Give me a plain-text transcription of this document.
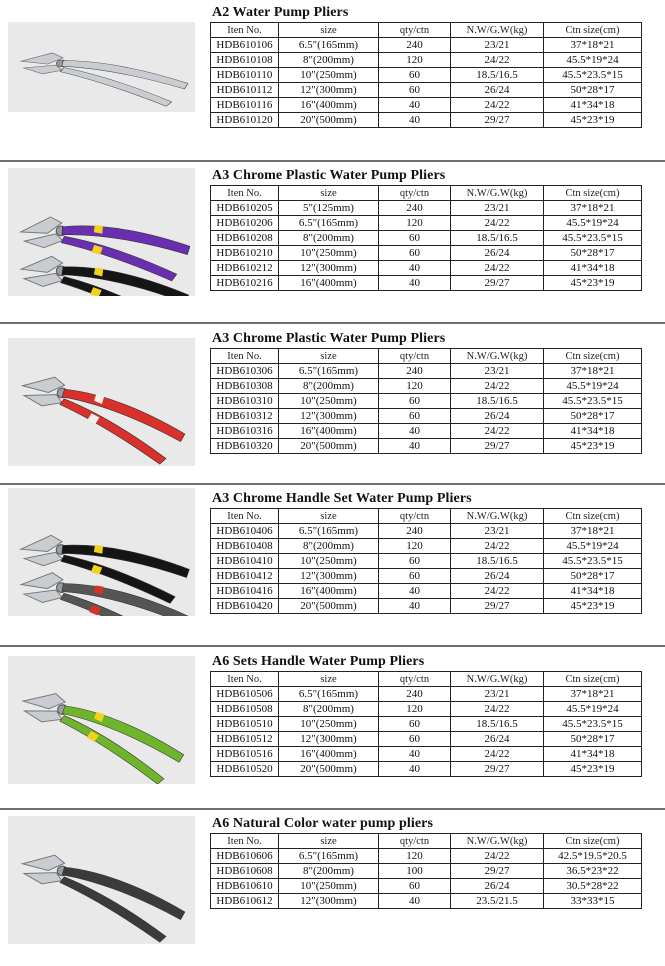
A2 Water Pump Pliers
Iten No.	size	qty/ctn	N.W/G.W(kg)	Ctn size(cm)
HDB610106	6.5"(165mm)	240	23/21	37*18*21
HDB610108	8"(200mm)	120	24/22	45.5*19*24
HDB610110	10"(250mm)	60	18.5/16.5	45.5*23.5*15
HDB610112	12"(300mm)	60	26/24	50*28*17
HDB610116	16"(400mm)	40	24/22	41*34*18
HDB610120	20"(500mm)	40	29/27	45*23*19
A3 Chrome Plastic Water Pump Pliers
Iten No.	size	qty/ctn	N.W/G.W(kg)	Ctn size(cm)
HDB610205	5"(125mm)	240	23/21	37*18*21
HDB610206	6.5"(165mm)	120	24/22	45.5*19*24
HDB610208	8"(200mm)	60	18.5/16.5	45.5*23.5*15
HDB610210	10"(250mm)	60	26/24	50*28*17
HDB610212	12"(300mm)	40	24/22	41*34*18
HDB610216	16"(400mm)	40	29/27	45*23*19
A3 Chrome Plastic Water Pump Pliers
Iten No.	size	qty/ctn	N.W/G.W(kg)	Ctn size(cm)
HDB610306	6.5"(165mm)	240	23/21	37*18*21
HDB610308	8"(200mm)	120	24/22	45.5*19*24
HDB610310	10"(250mm)	60	18.5/16.5	45.5*23.5*15
HDB610312	12"(300mm)	60	26/24	50*28*17
HDB610316	16"(400mm)	40	24/22	41*34*18
HDB610320	20"(500mm)	40	29/27	45*23*19
A3 Chrome Handle Set Water Pump Pliers
Iten No.	size	qty/ctn	N.W/G.W(kg)	Ctn size(cm)
HDB610406	6.5"(165mm)	240	23/21	37*18*21
HDB610408	8"(200mm)	120	24/22	45.5*19*24
HDB610410	10"(250mm)	60	18.5/16.5	45.5*23.5*15
HDB610412	12"(300mm)	60	26/24	50*28*17
HDB610416	16"(400mm)	40	24/22	41*34*18
HDB610420	20"(500mm)	40	29/27	45*23*19
A6 Sets Handle Water Pump Pliers
Iten No.	size	qty/ctn	N.W/G.W(kg)	Ctn size(cm)
HDB610506	6.5"(165mm)	240	23/21	37*18*21
HDB610508	8"(200mm)	120	24/22	45.5*19*24
HDB610510	10"(250mm)	60	18.5/16.5	45.5*23.5*15
HDB610512	12"(300mm)	60	26/24	50*28*17
HDB610516	16"(400mm)	40	24/22	41*34*18
HDB610520	20"(500mm)	40	29/27	45*23*19
A6 Natural Color water pump pliers
Iten No.	size	qty/ctn	N.W/G.W(kg)	Ctn size(cm)
HDB610606	6.5"(165mm)	120	24/22	42.5*19.5*20.5
HDB610608	8"(200mm)	100	29/27	36.5*23*22
HDB610610	10"(250mm)	60	26/24	30.5*28*22
HDB610612	12"(300mm)	40	23.5/21.5	33*33*15
